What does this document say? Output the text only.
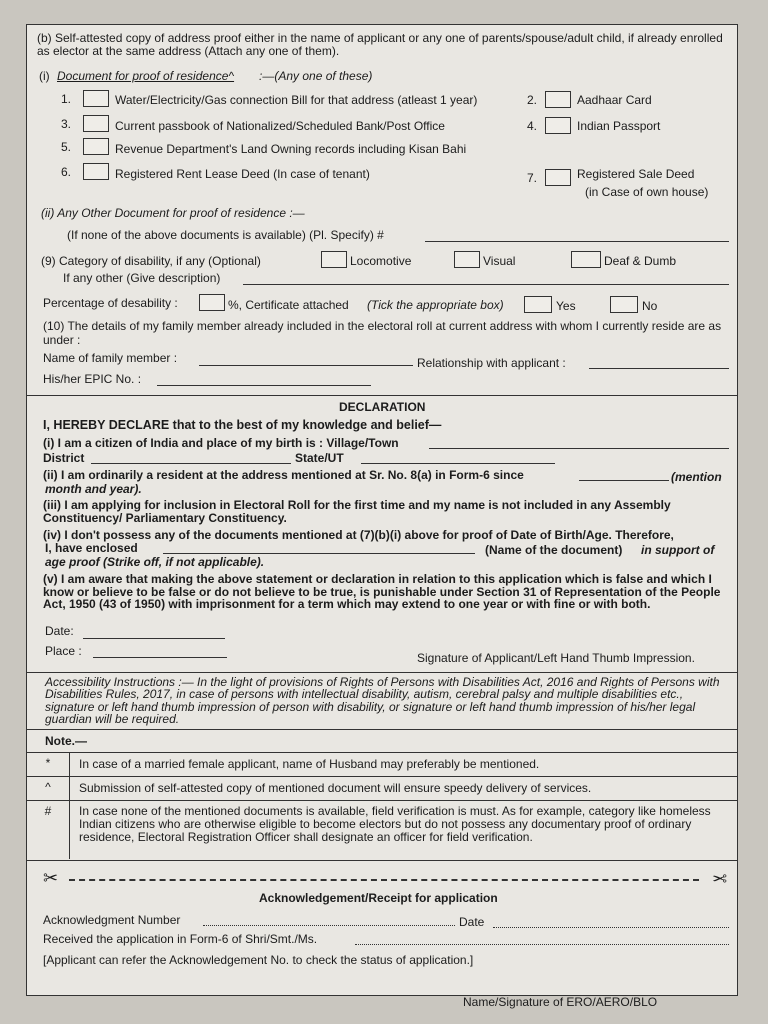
(b) Self-attested copy of address proof either in the name of applicant or any one of parents/spouse/adult child, if already enrolled as elector at the same address (Attach any one of them).
(i) Document for proof of residence^ :—(Any one of these)
1.	Water/Electricity/Gas connection Bill for that address (atleast 1 year)	2.	Aadhaar Card
3.	Current passbook of Nationalized/Scheduled Bank/Post Office	4.	Indian Passport
5.	Revenue Department's Land Owning records including Kisan Bahi
6.	Registered Rent Lease Deed (In case of tenant)	7.	Registered Sale Deed
(in Case of own house)
(ii) Any Other Document for proof of residence :—
(If none of the above documents is available) (Pl. Specify) #
(9) Category of disability, if any (Optional)	Locomotive	Visual	Deaf & Dumb
If any other (Give description)
Percentage of desability :	%, Certificate attached (Tick the appropriate box)	Yes	No
(10) The details of my family member already included in the electoral roll at current address with whom I currently reside are as under :
Name of family member :	Relationship with applicant :
His/her EPIC No. :
DECLARATION
I, HEREBY DECLARE that to the best of my knowledge and belief—
(i) I am a citizen of India and place of my birth is : Village/Town
District	State/UT
(ii) I am ordinarily a resident at the address mentioned at Sr. No. 8(a) in Form-6 since	(mention
month and year).
(iii) I am applying for inclusion in Electoral Roll for the first time and my name is not included in any Assembly Constituency/ Parliamentary Constituency.
(iv) I don't possess any of the documents mentioned at (7)(b)(i) above for proof of Date of Birth/Age. Therefore,
I, have enclosed	(Name of the document) in support of
age proof (Strike off, if not applicable).
(v) I am aware that making the above statement or declaration in relation to this application which is false and which I know or believe to be false or do not believe to be true, is punishable under Section 31 of Representation of the People Act, 1950 (43 of 1950) with imprisonment for a term which may extend to one year or with fine or with both.
Date:
Place :	Signature of Applicant/Left Hand Thumb Impression.
Accessibility Instructions :— In the light of provisions of Rights of Persons with Disabilities Act, 2016 and Rights of Persons with Disabilities Rules, 2017, in case of persons with intellectual disability, autism, cerebral palsy and multiple disabilities etc., signature or left hand thumb impression of person with disability, or signature or left hand thumb impression of his/her legal guardian will be required.
Note.—
*	In case of a married female applicant, name of Husband may preferably be mentioned.
^	Submission of self-attested copy of mentioned document will ensure speedy delivery of services.
#	In case none of the mentioned documents is available, field verification is must. As for example, category like homeless Indian citizens who are otherwise eligible to become electors but do not possess any documentary proof of ordinary residence, Electoral Registration Officer shall designate an officer for field verification.
✂	✂
Acknowledgement/Receipt for application
Acknowledgment Number	Date
Received the application in Form-6 of Shri/Smt./Ms.
[Applicant can refer the Acknowledgement No. to check the status of application.]
Name/Signature of ERO/AERO/BLO
